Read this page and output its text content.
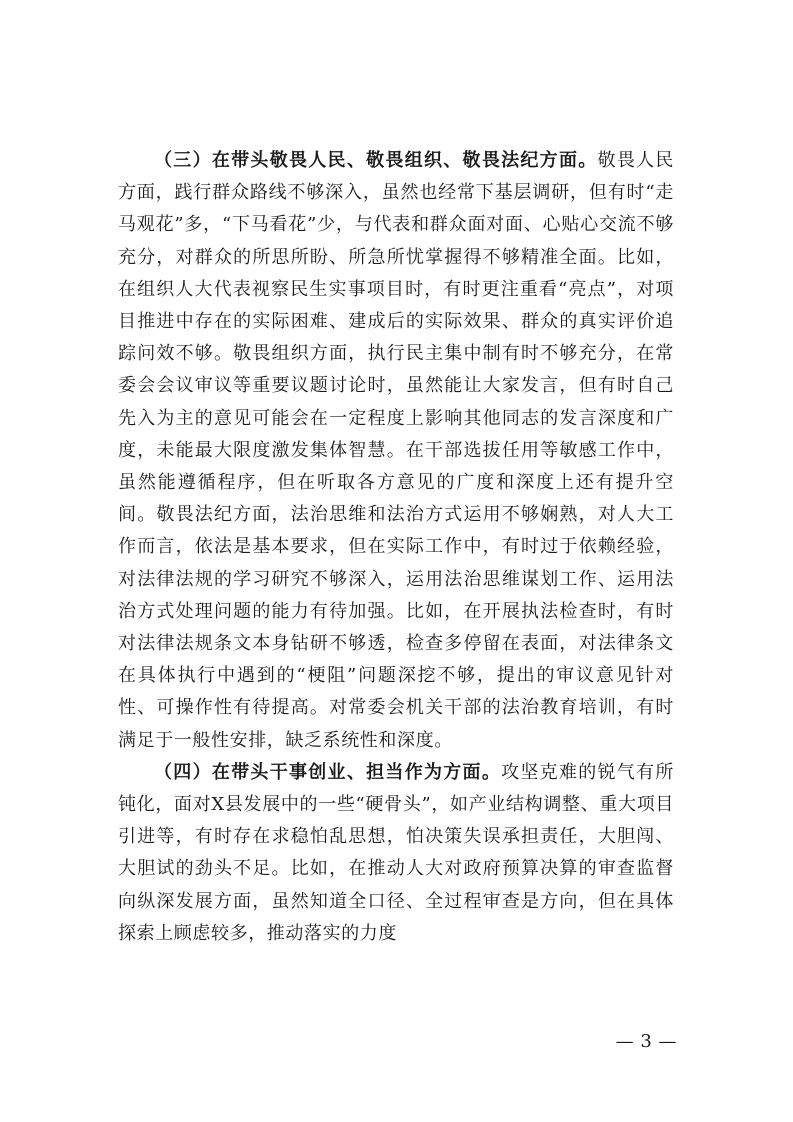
（三）在带头敬畏人民、敬畏组织、敬畏法纪方面。敬畏人民方面，践行群众路线不够深入，虽然也经常下基层调研，但有时“走马观花”多，“下马看花”少，与代表和群众面对面、心贴心交流不够充分，对群众的所思所盼、所急所忧掌握得不够精准全面。比如，在组织人大代表视察民生实事项目时，有时更注重看“亮点”，对项目推进中存在的实际困难、建成后的实际效果、群众的真实评价追踪问效不够。敬畏组织方面，执行民主集中制有时不够充分，在常委会会议审议等重要议题讨论时，虽然能让大家发言，但有时自己先入为主的意见可能会在一定程度上影响其他同志的发言深度和广度，未能最大限度激发集体智慧。在干部选拔任用等敏感工作中，虽然能遵循程序，但在听取各方意见的广度和深度上还有提升空间。敬畏法纪方面，法治思维和法治方式运用不够娴熟，对人大工作而言，依法是基本要求，但在实际工作中，有时过于依赖经验，对法律法规的学习研究不够深入，运用法治思维谋划工作、运用法治方式处理问题的能力有待加强。比如，在开展执法检查时，有时对法律法规条文本身钻研不够透，检查多停留在表面，对法律条文在具体执行中遇到的“梗阻”问题深挖不够，提出的审议意见针对性、可操作性有待提高。对常委会机关干部的法治教育培训，有时满足于一般性安排，缺乏系统性和深度。

（四）在带头干事创业、担当作为方面。攻坚克难的锐气有所钝化，面对X县发展中的一些“硬骨头”，如产业结构调整、重大项目引进等，有时存在求稳怕乱思想，怕决策失误承担责任，大胆闯、大胆试的劲头不足。比如，在推动人大对政府预算决算的审查监督向纵深发展方面，虽然知道全口径、全过程审查是方向，但在具体探索上顾虑较多，推动落实的力度

— 3 —
